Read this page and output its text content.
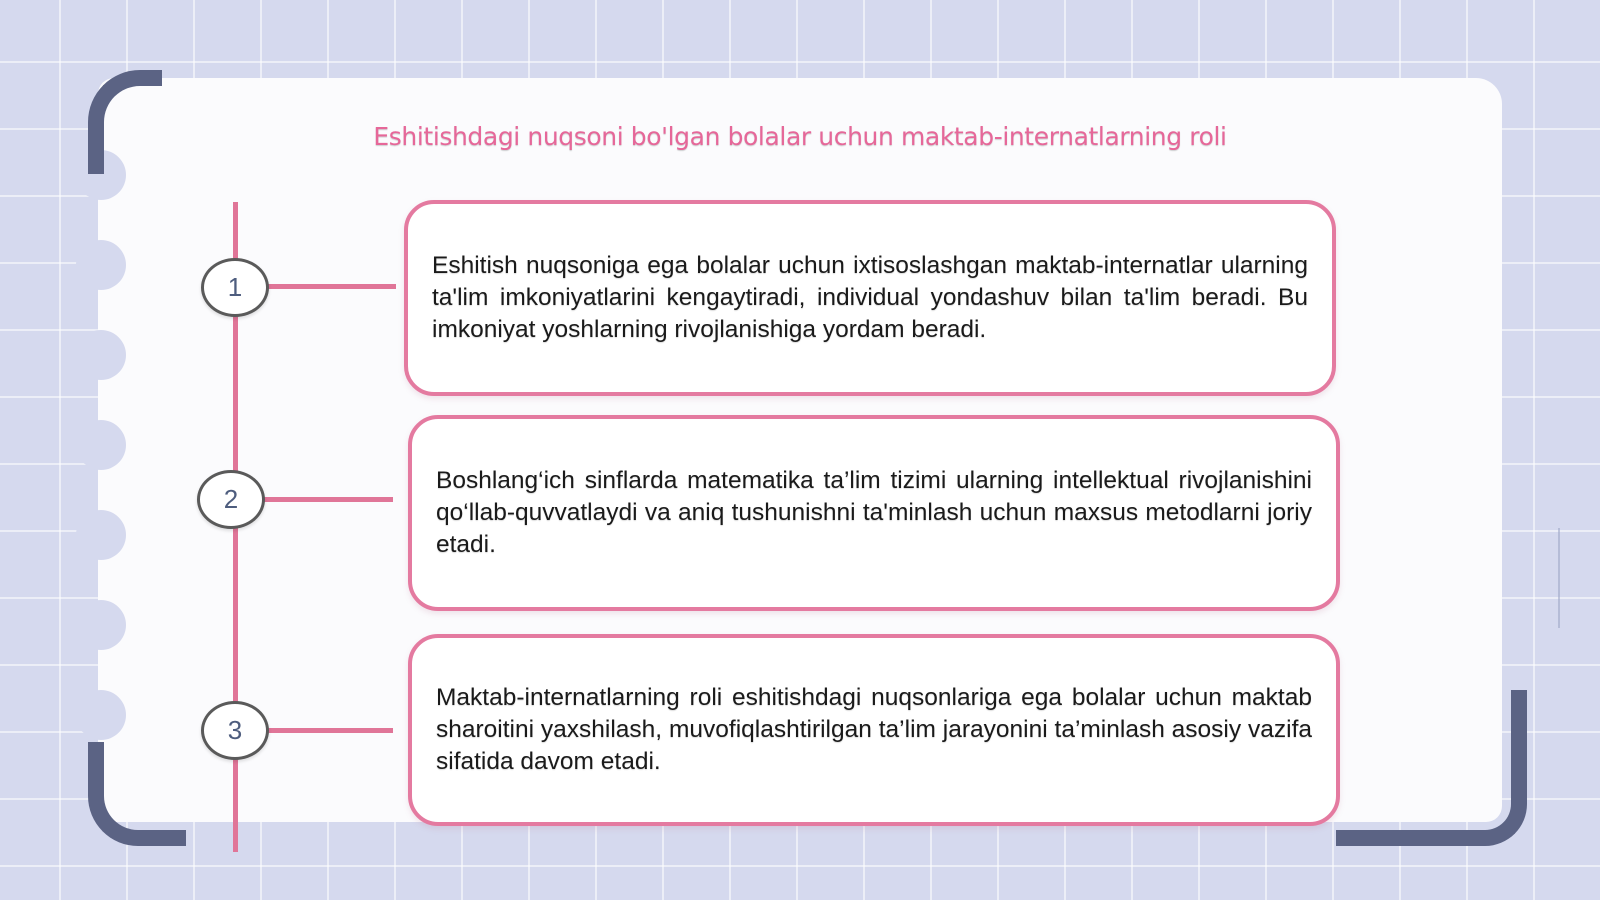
Eshitishdagi nuqsoni bo'lgan bolalar uchun maktab-internatlarning roli
1
2
3

Eshitish nuqsoniga ega bolalar uchun ixtisoslashgan maktab-internatlar ularning ta'lim imkoniyatlarini kengaytiradi, individual yondashuv bilan ta'lim beradi. Bu imkoniyat yoshlarning rivojlanishiga yordam beradi.

Boshlang‘ich sinflarda matematika ta’lim tizimi ularning intellektual rivojlanishini qo‘llab-quvvatlaydi va aniq tushunishni ta'minlash uchun maxsus metodlarni joriy etadi.

Maktab-internatlarning roli eshitishdagi nuqsonlariga ega bolalar uchun maktab sharoitini yaxshilash, muvofiqlashtirilgan ta’lim jarayonini ta’minlash asosiy vazifa sifatida davom etadi.
